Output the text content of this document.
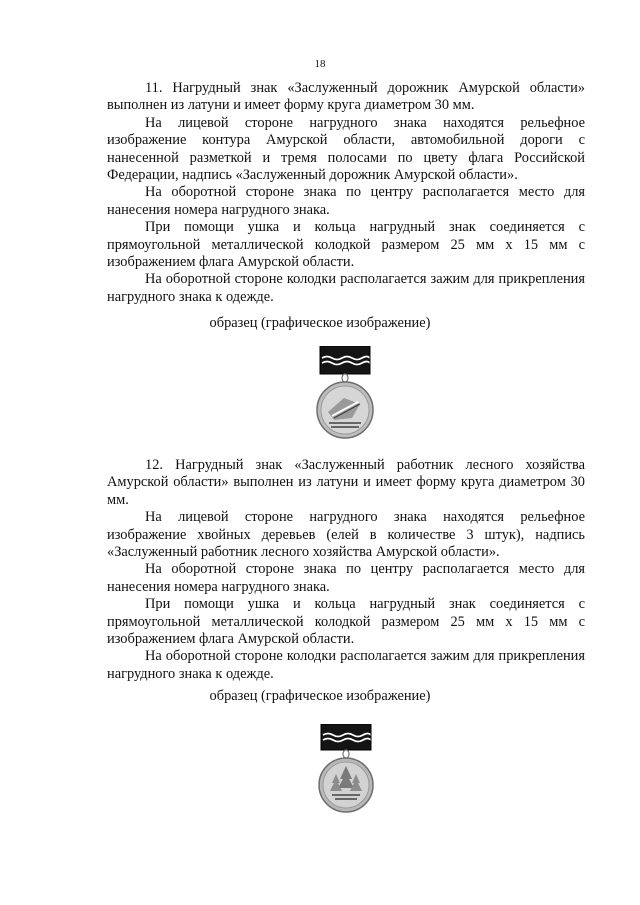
18

11. Нагрудный знак «Заслуженный дорожник Амурской области» выполнен из латуни и имеет форму круга диаметром 30 мм.

На лицевой стороне нагрудного знака находятся рельефное изображение контура Амурской области, автомобильной дороги с нанесенной разметкой и тремя полосами по цвету флага Российской Федерации, надпись «Заслуженный дорожник Амурской области».

На оборотной стороне знака по центру располагается место для нанесения номера нагрудного знака.

При помощи ушка и кольца нагрудный знак соединяется с прямоугольной металлической колодкой размером 25 мм х 15 мм с изображением флага Амурской области.

На оборотной стороне колодки располагается зажим для прикрепления нагрудного знака к одежде.

образец (графическое изображение)

12. Нагрудный знак «Заслуженный работник лесного хозяйства Амурской области» выполнен из латуни и имеет форму круга диаметром 30 мм.

На лицевой стороне нагрудного знака находятся рельефное изображение хвойных деревьев (елей в количестве 3 штук), надпись «Заслуженный работник лесного хозяйства Амурской области».

На оборотной стороне знака по центру располагается место для нанесения номера нагрудного знака.

При помощи ушка и кольца нагрудный знак соединяется с прямоугольной металлической колодкой размером 25 мм х 15 мм с изображением флага Амурской области.

На оборотной стороне колодки располагается зажим для прикрепления нагрудного знака к одежде.

образец (графическое изображение)
